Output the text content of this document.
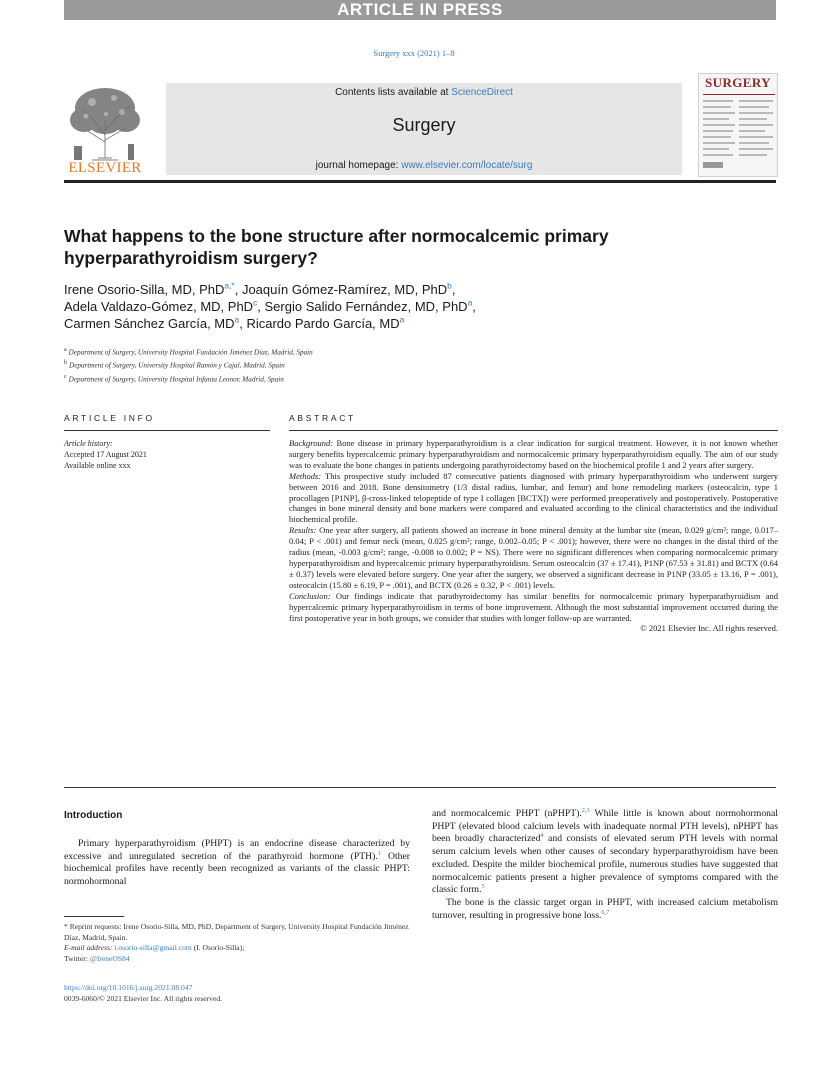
ARTICLE IN PRESS
Surgery xxx (2021) 1–8
ELSEVIER
Contents lists available at ScienceDirect
Surgery
journal homepage: www.elsevier.com/locate/surg
SURGERY
What happens to the bone structure after normocalcemic primary
hyperparathyroidism surgery?
Irene Osorio-Silla, MD, PhD$^{a,*}$, Joaquín Gómez-Ramírez, MD, PhD$^b$,
Adela Valdazo-Gómez, MD, PhD$^c$, Sergio Salido Fernández, MD, PhD$^a$,
Carmen Sánchez García, $MD^a$, Ricardo Pardo García, $MD^a$
$^a$ Department of Surgery, University Hospital Fundación Jiménez Díaz, Madrid, Spain
$^b$ Department of Surgery, University Hospital Ramón y Cajal, Madrid, Spain
$^c$ Department of Surgery, University Hospital Infanta Leonor, Madrid, Spain
ARTICLE INFO	ABSTRACT
Article history:
Accepted 17 August 2021
Available online xxx

Background: Bone disease in primary hyperparathyroidism is a clear indication for surgical treatment. However, it is not known whether surgery benefits hypercalcemic primary hyperparathyroidism and normocalcemic primary hyperparathyroidism equally. The aim of our study was to evaluate the bone changes in patients undergoing parathyroidectomy based on the biochemical profile 1 and 2 years after surgery.

Methods: This prospective study included 87 consecutive patients diagnosed with primary hyperparathyroidism who underwent surgery between 2016 and 2018. Bone densitometry (1/3 distal radius, lumbar, and femur) and bone remodeling markers (osteocalcin, type 1 procollagen [P1NP], β-cross-linked telopeptide of type I collagen [BCTX]) were performed preoperatively and postoperatively. Postoperative changes in bone mineral density and bone markers were compared and evaluated according to the clinical characteristics and the individual biochemical profile.

Results: One year after surgery, all patients showed an increase in bone mineral density at the lumbar site (mean, 0.029 g/cm²; range, 0.017–0.04; P < .001) and femur neck (mean, 0.025 g/cm²; range, 0.002–0.05; P < .001); however, there were no changes in the distal third of the radius (mean, -0.003 g/cm²; range, -0.008 to 0.002; P = NS). There were no significant differences when comparing normocalcemic primary hyperparathyroidism and hypercalcemic primary hyperparathyroidism. Serum osteocalcin (37 ± 17.41), P1NP (67.53 ± 31.81) and BCTX (0.64 ± 0.37) levels were elevated before surgery. One year after the surgery, we observed a significant decrease in P1NP (33.05 ± 13.16, P = .001), osteocalcin (15.80 ± 6.19, P = .001), and BCTX (0.26 ± 0.32, P < .001) levels.

Conclusion: Our findings indicate that parathyroidectomy has similar benefits for normocalcemic primary hyperparathyroidism and hypercalcemic primary hyperparathyroidism in terms of bone improvement. Although the most substantial improvement occurred during the first postoperative year in both groups, we consider that studies with longer follow-up are warranted.

© 2021 Elsevier Inc. All rights reserved.

Introduction
Primary hyperparathyroidism (PHPT) is an endocrine disease characterized by excessive and unregulated secretion of the parathyroid hormone (PTH).$^1$ Other biochemical profiles have recently been recognized as variants of the classic PHPT: normohormonal
and normocalcemic PHPT (nPHPT).$^{2,3}$ While little is known about normohormonal PHPT (elevated blood calcium levels with inadequate normal PTH levels), nPHPT has been broadly characterized$^4$ and consists of elevated serum PTH levels with normal serum calcium levels when other causes of secondary hyperparathyroidism have been excluded. Despite the milder biochemical profile, numerous studies have suggested that normocalcemic patients present a higher prevalence of symptoms compared with the classic form.$^5$
The bone is the classic target organ in PHPT, with increased calcium metabolism turnover, resulting in progressive bone loss.$^{6,7}$
* Reprint requests: Irene Osorio-Silla, MD, PhD, Department of Surgery, University Hospital Fundación Jiménez Díaz, Madrid, Spain.
E-mail address: i.osorio-silla@gmail.com (I. Osorio-Silla);
Twitter: @IreneOS84
https://doi.org/10.1016/j.surg.2021.08.047
0039-6060/© 2021 Elsevier Inc. All rights reserved.
